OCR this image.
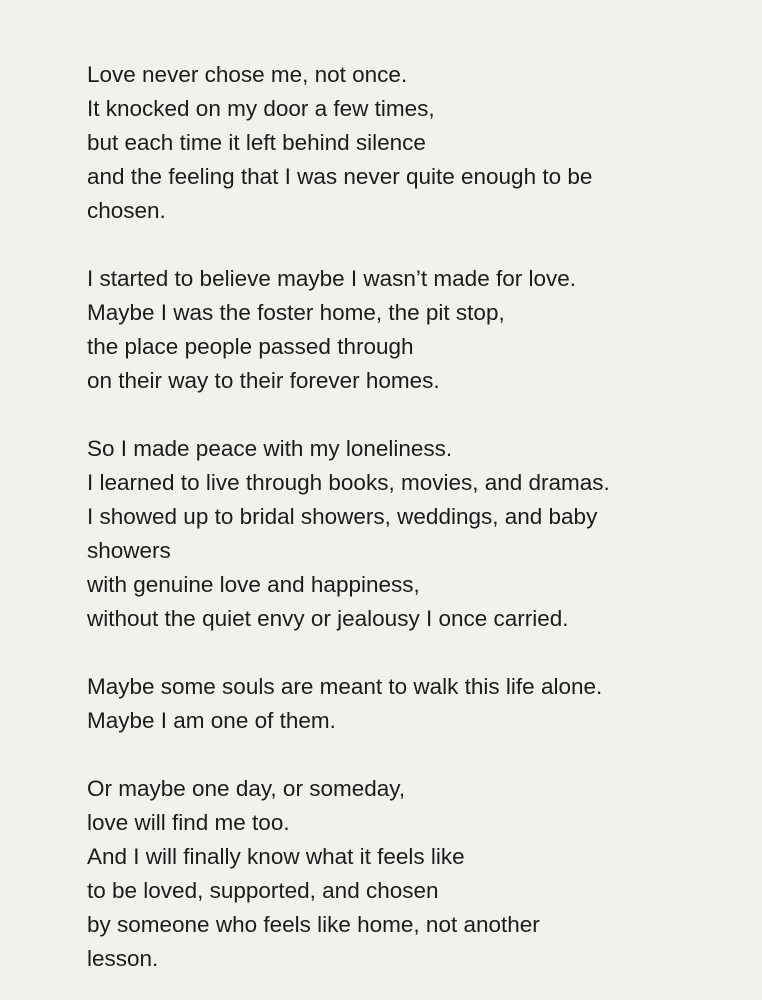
Love never chose me, not once.
It knocked on my door a few times,
but each time it left behind silence
and the feeling that I was never quite enough to be
chosen.
I started to believe maybe I wasn’t made for love.
Maybe I was the foster home, the pit stop,
the place people passed through
on their way to their forever homes.
So I made peace with my loneliness.
I learned to live through books, movies, and dramas.
I showed up to bridal showers, weddings, and baby
showers
with genuine love and happiness,
without the quiet envy or jealousy I once carried.
Maybe some souls are meant to walk this life alone.
Maybe I am one of them.
Or maybe one day, or someday,
love will find me too.
And I will finally know what it feels like
to be loved, supported, and chosen
by someone who feels like home, not another
lesson.
